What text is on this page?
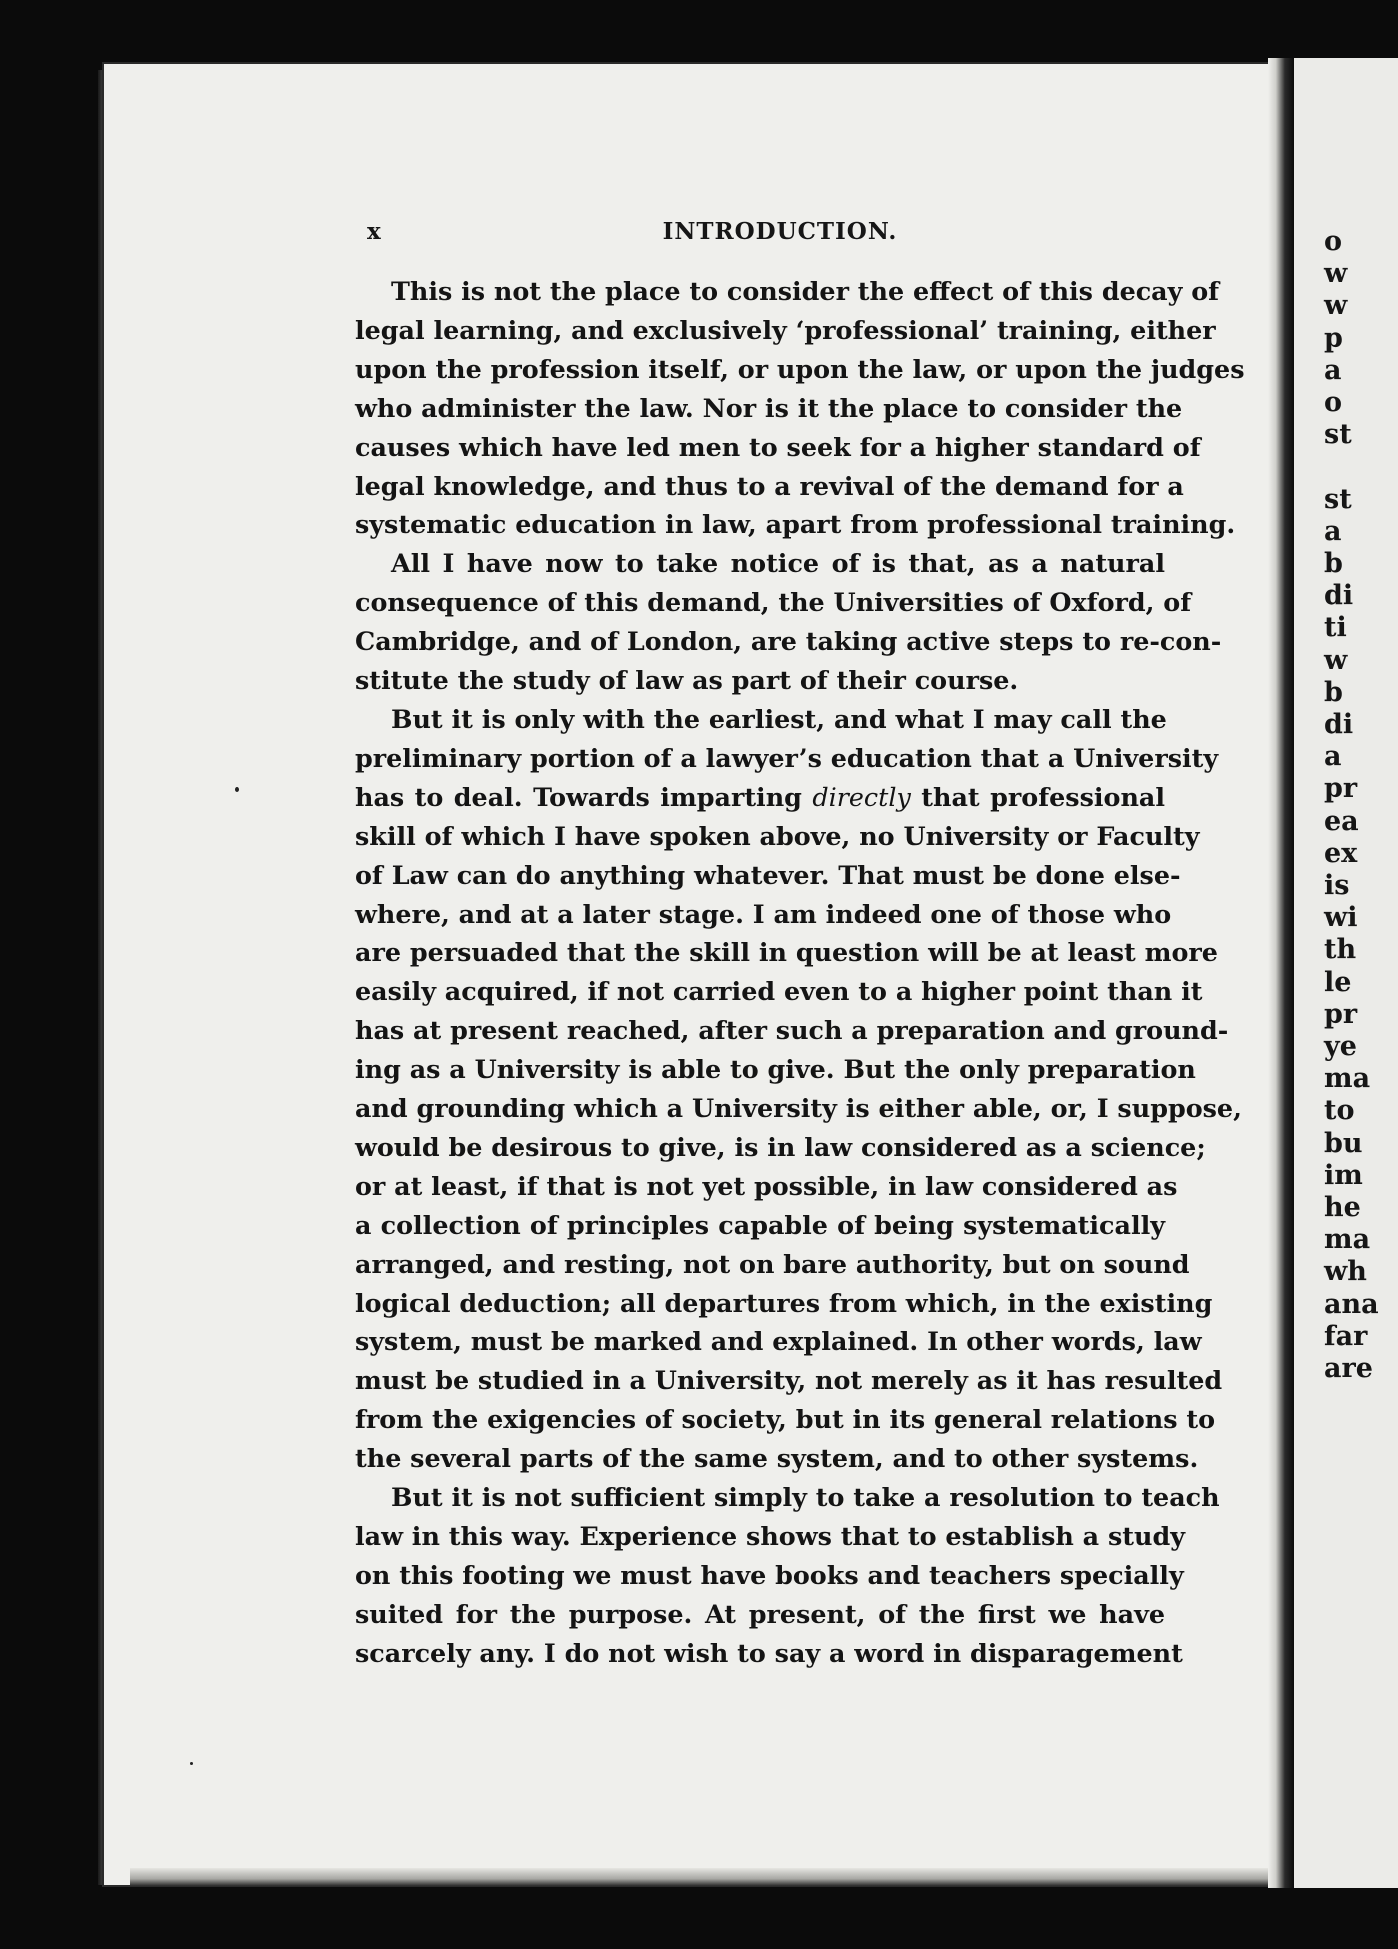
o
w
w
p
a
o
st
st
a
b
di
ti
w
b
di
a
pr
ea
ex
is
wi
th
le
pr
ye
ma
to
bu
im
he
ma
wh
ana
far
are
x	INTRODUCTION.

This is not the place to consider the effect of this decay of
legal learning, and exclusively ‘professional’ training, either
upon the profession itself, or upon the law, or upon the judges
who administer the law. Nor is it the place to consider the
causes which have led men to seek for a higher standard of
legal knowledge, and thus to a revival of the demand for a
systematic education in law, apart from professional training.

All I have now to take notice of is that, as a natural
consequence of this demand, the Universities of Oxford, of
Cambridge, and of London, are taking active steps to re-con-
stitute the study of law as part of their course.

But it is only with the earliest, and what I may call the
preliminary portion of a lawyer’s education that a University
has to deal. Towards imparting directly that professional
skill of which I have spoken above, no University or Faculty
of Law can do anything whatever. That must be done else-
where, and at a later stage. I am indeed one of those who
are persuaded that the skill in question will be at least more
easily acquired, if not carried even to a higher point than it
has at present reached, after such a preparation and ground-
ing as a University is able to give. But the only preparation
and grounding which a University is either able, or, I suppose,
would be desirous to give, is in law considered as a science;
or at least, if that is not yet possible, in law considered as
a collection of principles capable of being systematically
arranged, and resting, not on bare authority, but on sound
logical deduction; all departures from which, in the existing
system, must be marked and explained. In other words, law
must be studied in a University, not merely as it has resulted
from the exigencies of society, but in its general relations to
the several parts of the same system, and to other systems.

But it is not sufficient simply to take a resolution to teach
law in this way. Experience shows that to establish a study
on this footing we must have books and teachers specially
suited for the purpose. At present, of the first we have
scarcely any. I do not wish to say a word in disparagement
